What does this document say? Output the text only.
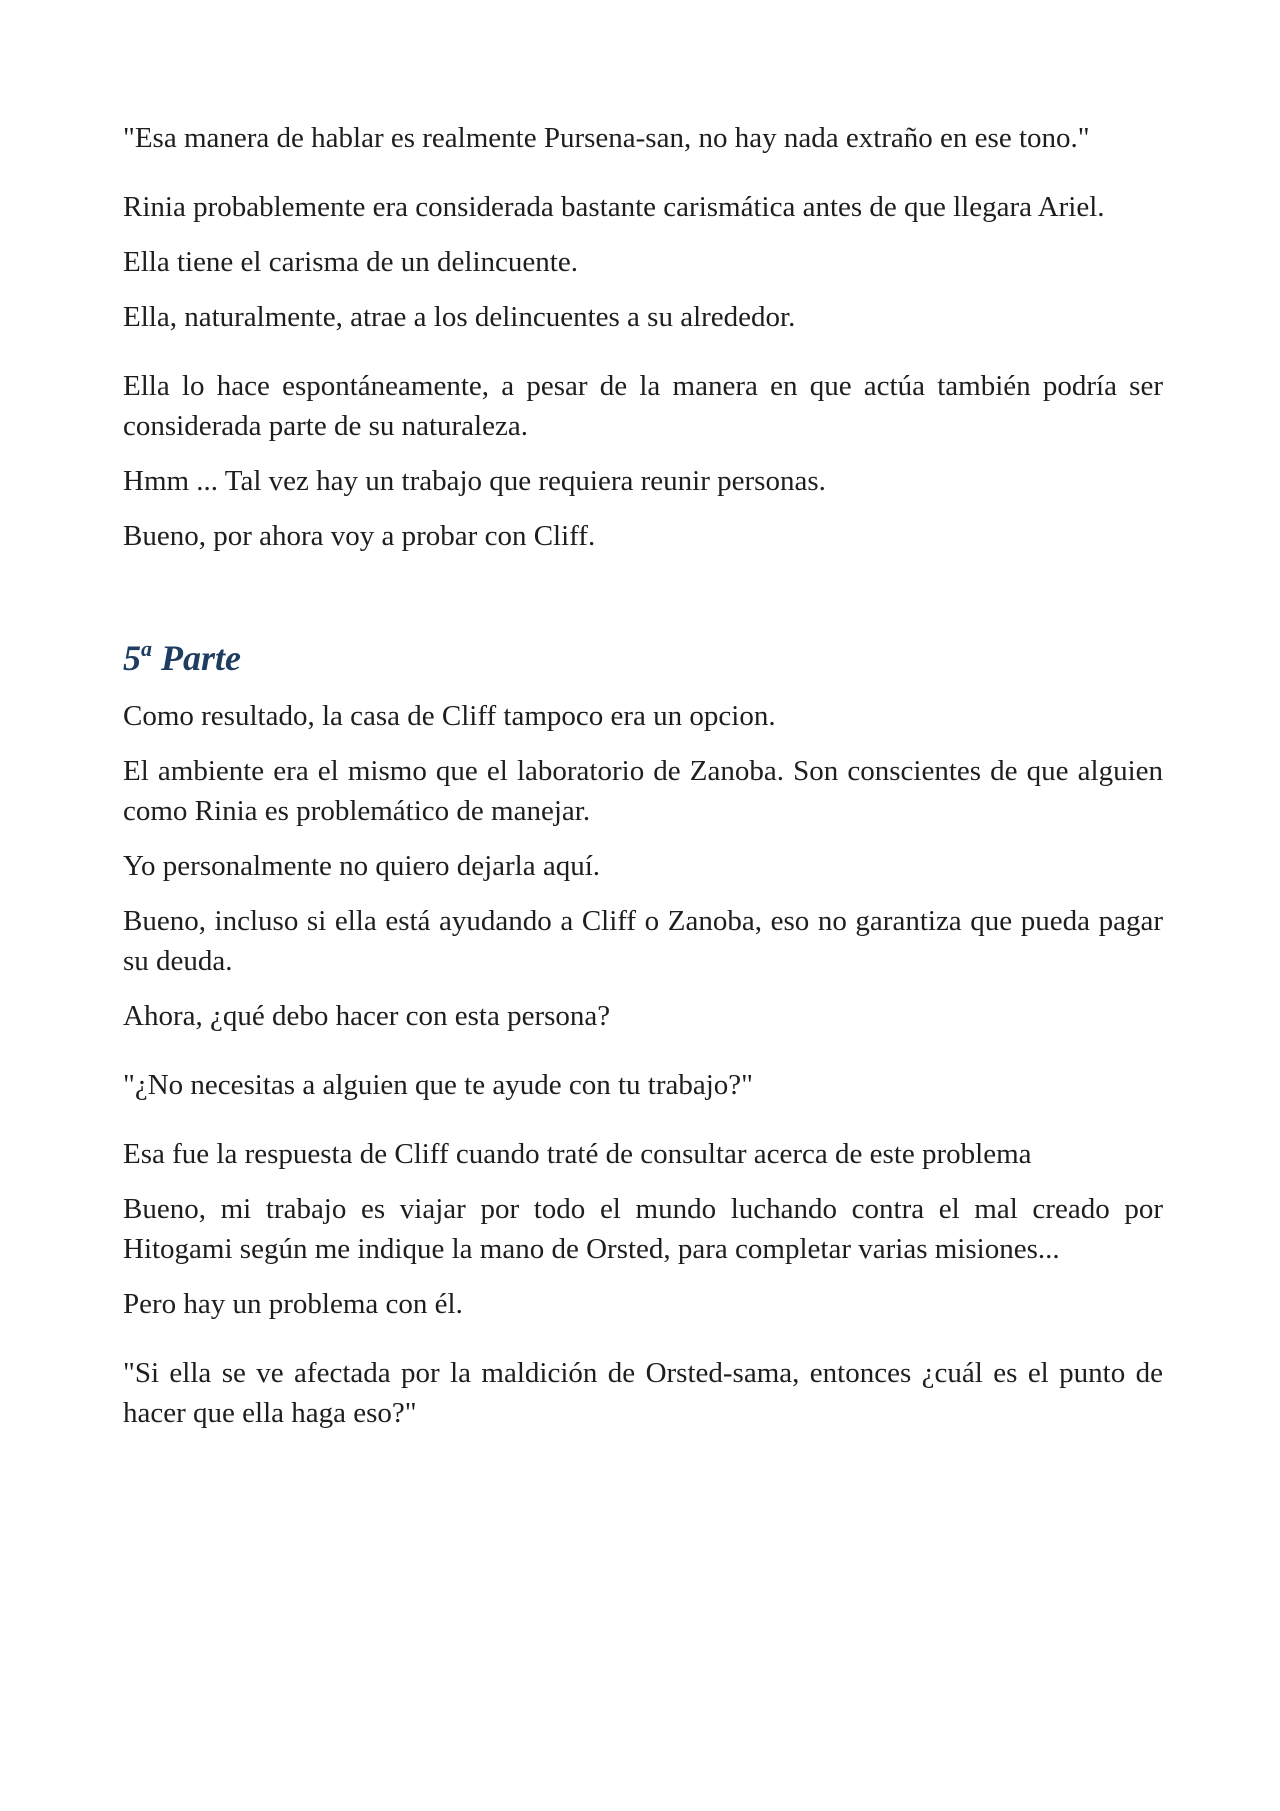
"Esa manera de hablar es realmente Pursena-san, no hay nada extraño en ese tono."

Rinia probablemente era considerada bastante carismática antes de que llegara Ariel.

Ella tiene el carisma de un delincuente.

Ella, naturalmente, atrae a los delincuentes a su alrededor.

Ella lo hace espontáneamente, a pesar de la manera en que actúa también podría ser considerada parte de su naturaleza.

Hmm ... Tal vez hay un trabajo que requiera reunir personas.

Bueno, por ahora voy a probar con Cliff.

5$^a$ Parte

Como resultado, la casa de Cliff tampoco era un opcion.

El ambiente era el mismo que el laboratorio de Zanoba. Son conscientes de que alguien como Rinia es problemático de manejar.

Yo personalmente no quiero dejarla aquí.

Bueno, incluso si ella está ayudando a Cliff o Zanoba, eso no garantiza que pueda pagar su deuda.

Ahora, ¿qué debo hacer con esta persona?

"¿No necesitas a alguien que te ayude con tu trabajo?"

Esa fue la respuesta de Cliff cuando traté de consultar acerca de este problema

Bueno, mi trabajo es viajar por todo el mundo luchando contra el mal creado por Hitogami según me indique la mano de Orsted, para completar varias misiones...

Pero hay un problema con él.

"Si ella se ve afectada por la maldición de Orsted-sama, entonces ¿cuál es el punto de hacer que ella haga eso?"
